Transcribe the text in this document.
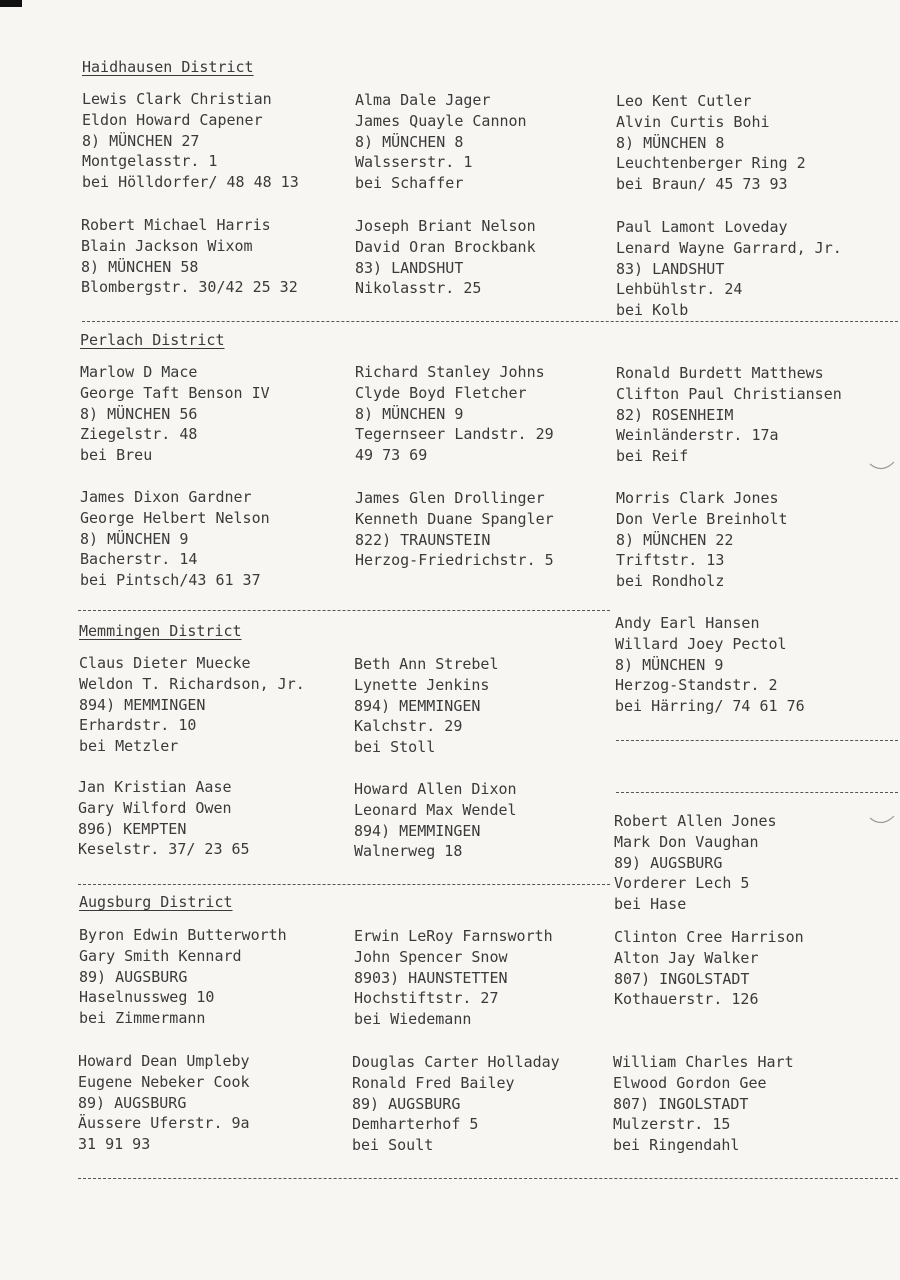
Haidhausen District
Perlach District
Memmingen District
Augsburg District
Lewis Clark Christian
Eldon Howard Capener
8) MÜNCHEN 27
Montgelasstr. 1
bei Hölldorfer/ 48 48 13
Alma Dale Jager
James Quayle Cannon
8) MÜNCHEN 8
Walsserstr. 1
bei Schaffer
Leo Kent Cutler
Alvin Curtis Bohi
8) MÜNCHEN 8
Leuchtenberger Ring 2
bei Braun/ 45 73 93
Robert Michael Harris
Blain Jackson Wixom
8) MÜNCHEN 58
Blombergstr. 30/42 25 32
Joseph Briant Nelson
David Oran Brockbank
83) LANDSHUT
Nikolasstr. 25
Paul Lamont Loveday
Lenard Wayne Garrard, Jr.
83) LANDSHUT
Lehbühlstr. 24
bei Kolb
Marlow D Mace
George Taft Benson IV
8) MÜNCHEN 56
Ziegelstr. 48
bei Breu
Richard Stanley Johns
Clyde Boyd Fletcher
8) MÜNCHEN 9
Tegernseer Landstr. 29
49 73 69
Ronald Burdett Matthews
Clifton Paul Christiansen
82) ROSENHEIM
Weinländerstr. 17a
bei Reif
James Dixon Gardner
George Helbert Nelson
8) MÜNCHEN 9
Bacherstr. 14
bei Pintsch/43 61 37
James Glen Drollinger
Kenneth Duane Spangler
822) TRAUNSTEIN
Herzog-Friedrichstr. 5
Morris Clark Jones
Don Verle Breinholt
8) MÜNCHEN 22
Triftstr. 13
bei Rondholz
Andy Earl Hansen
Willard Joey Pectol
8) MÜNCHEN 9
Herzog-Standstr. 2
bei Härring/ 74 61 76
Claus Dieter Muecke
Weldon T. Richardson, Jr.
894) MEMMINGEN
Erhardstr. 10
bei Metzler
Beth Ann Strebel
Lynette Jenkins
894) MEMMINGEN
Kalchstr. 29
bei Stoll
Jan Kristian Aase
Gary Wilford Owen
896) KEMPTEN
Keselstr. 37/ 23 65
Howard Allen Dixon
Leonard Max Wendel
894) MEMMINGEN
Walnerweg 18
Robert Allen Jones
Mark Don Vaughan
89) AUGSBURG
Vorderer Lech 5
bei Hase
Byron Edwin Butterworth
Gary Smith Kennard
89) AUGSBURG
Haselnussweg 10
bei Zimmermann
Erwin LeRoy Farnsworth
John Spencer Snow
8903) HAUNSTETTEN
Hochstiftstr. 27
bei Wiedemann
Clinton Cree Harrison
Alton Jay Walker
807) INGOLSTADT
Kothauerstr. 126
Howard Dean Umpleby
Eugene Nebeker Cook
89) AUGSBURG
Äussere Uferstr. 9a
31 91 93
Douglas Carter Holladay
Ronald Fred Bailey
89) AUGSBURG
Demharterhof 5
bei Soult
William Charles Hart
Elwood Gordon Gee
807) INGOLSTADT
Mulzerstr. 15
bei Ringendahl
